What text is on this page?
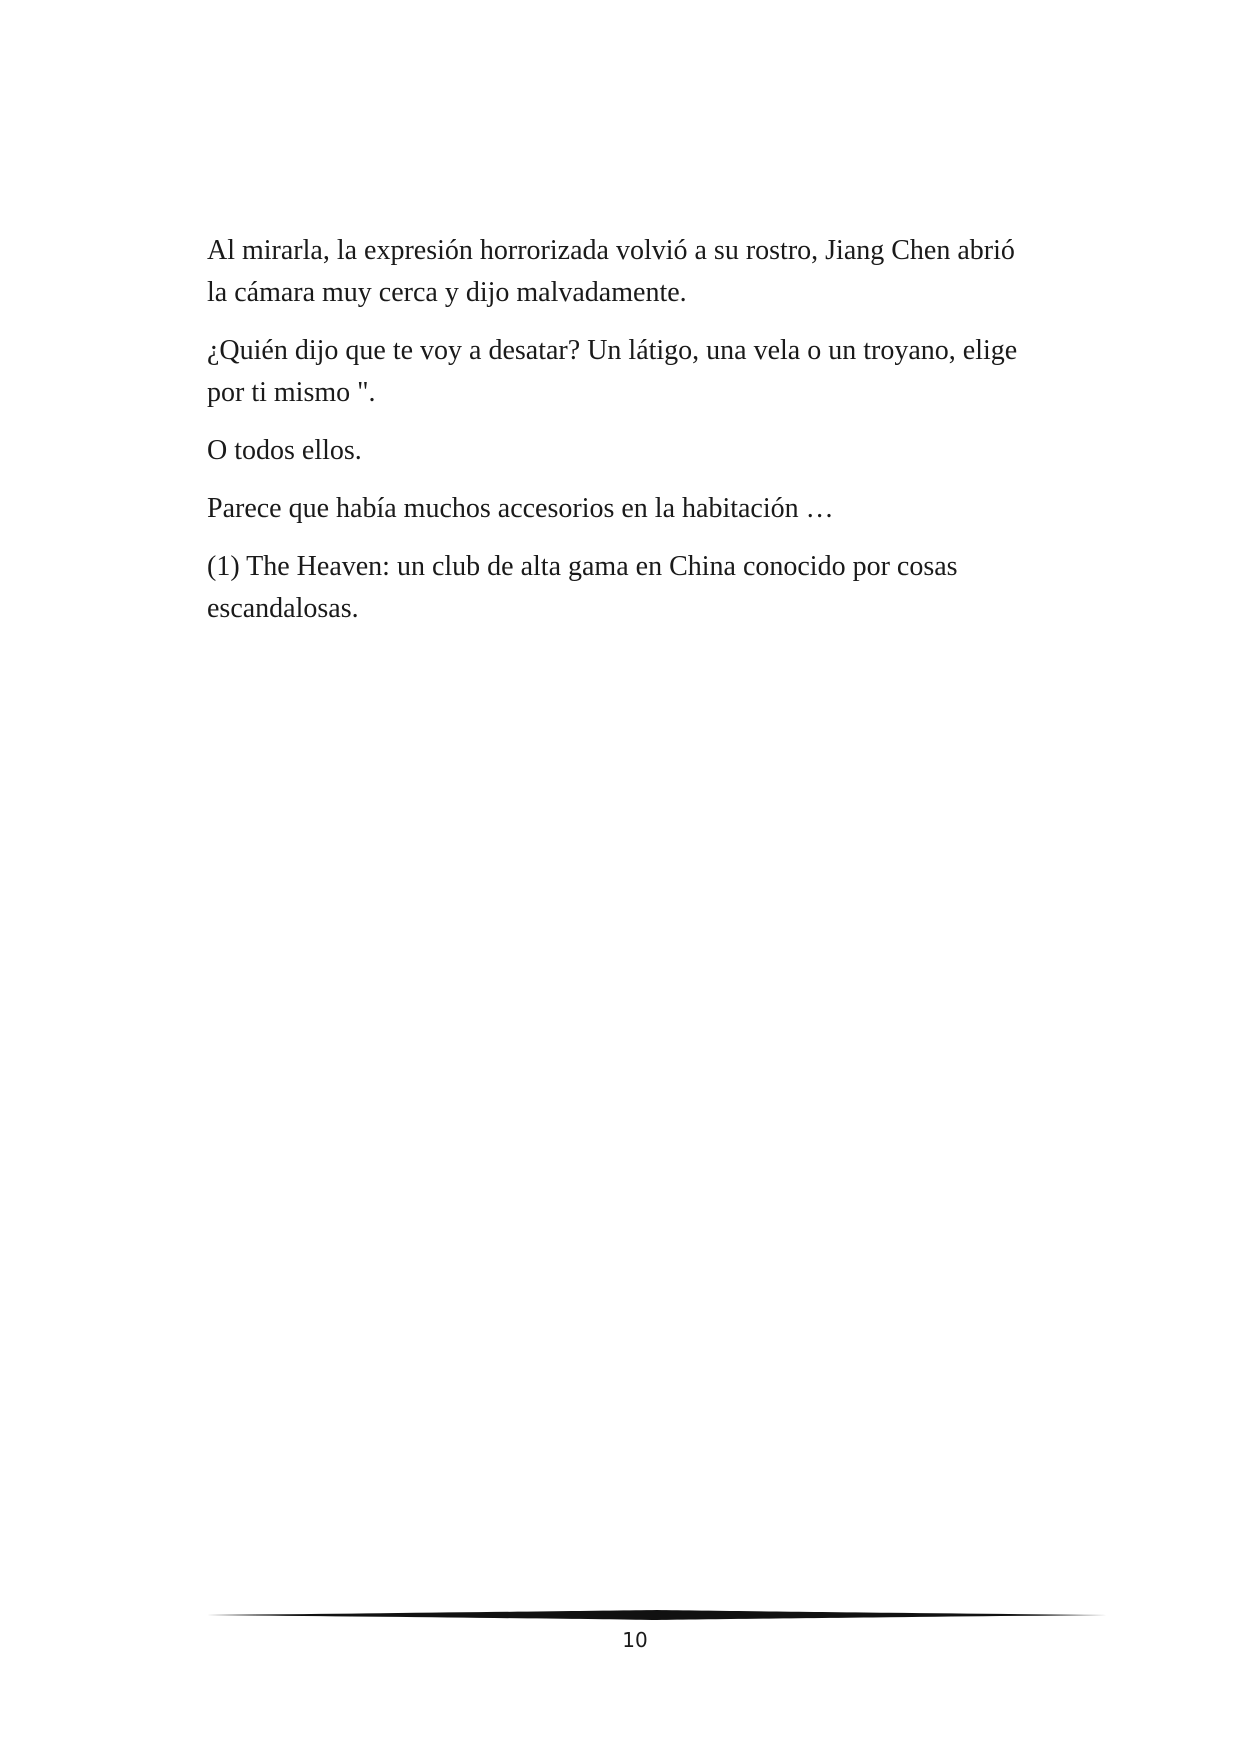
Al mirarla, la expresión horrorizada volvió a su rostro, Jiang Chen abrió la cámara muy cerca y dijo malvadamente.

¿Quién dijo que te voy a desatar? Un látigo, una vela o un troyano, elige por ti mismo ".

O todos ellos.

Parece que había muchos accesorios en la habitación …

(1) The Heaven: un club de alta gama en China conocido por cosas escandalosas.

10
